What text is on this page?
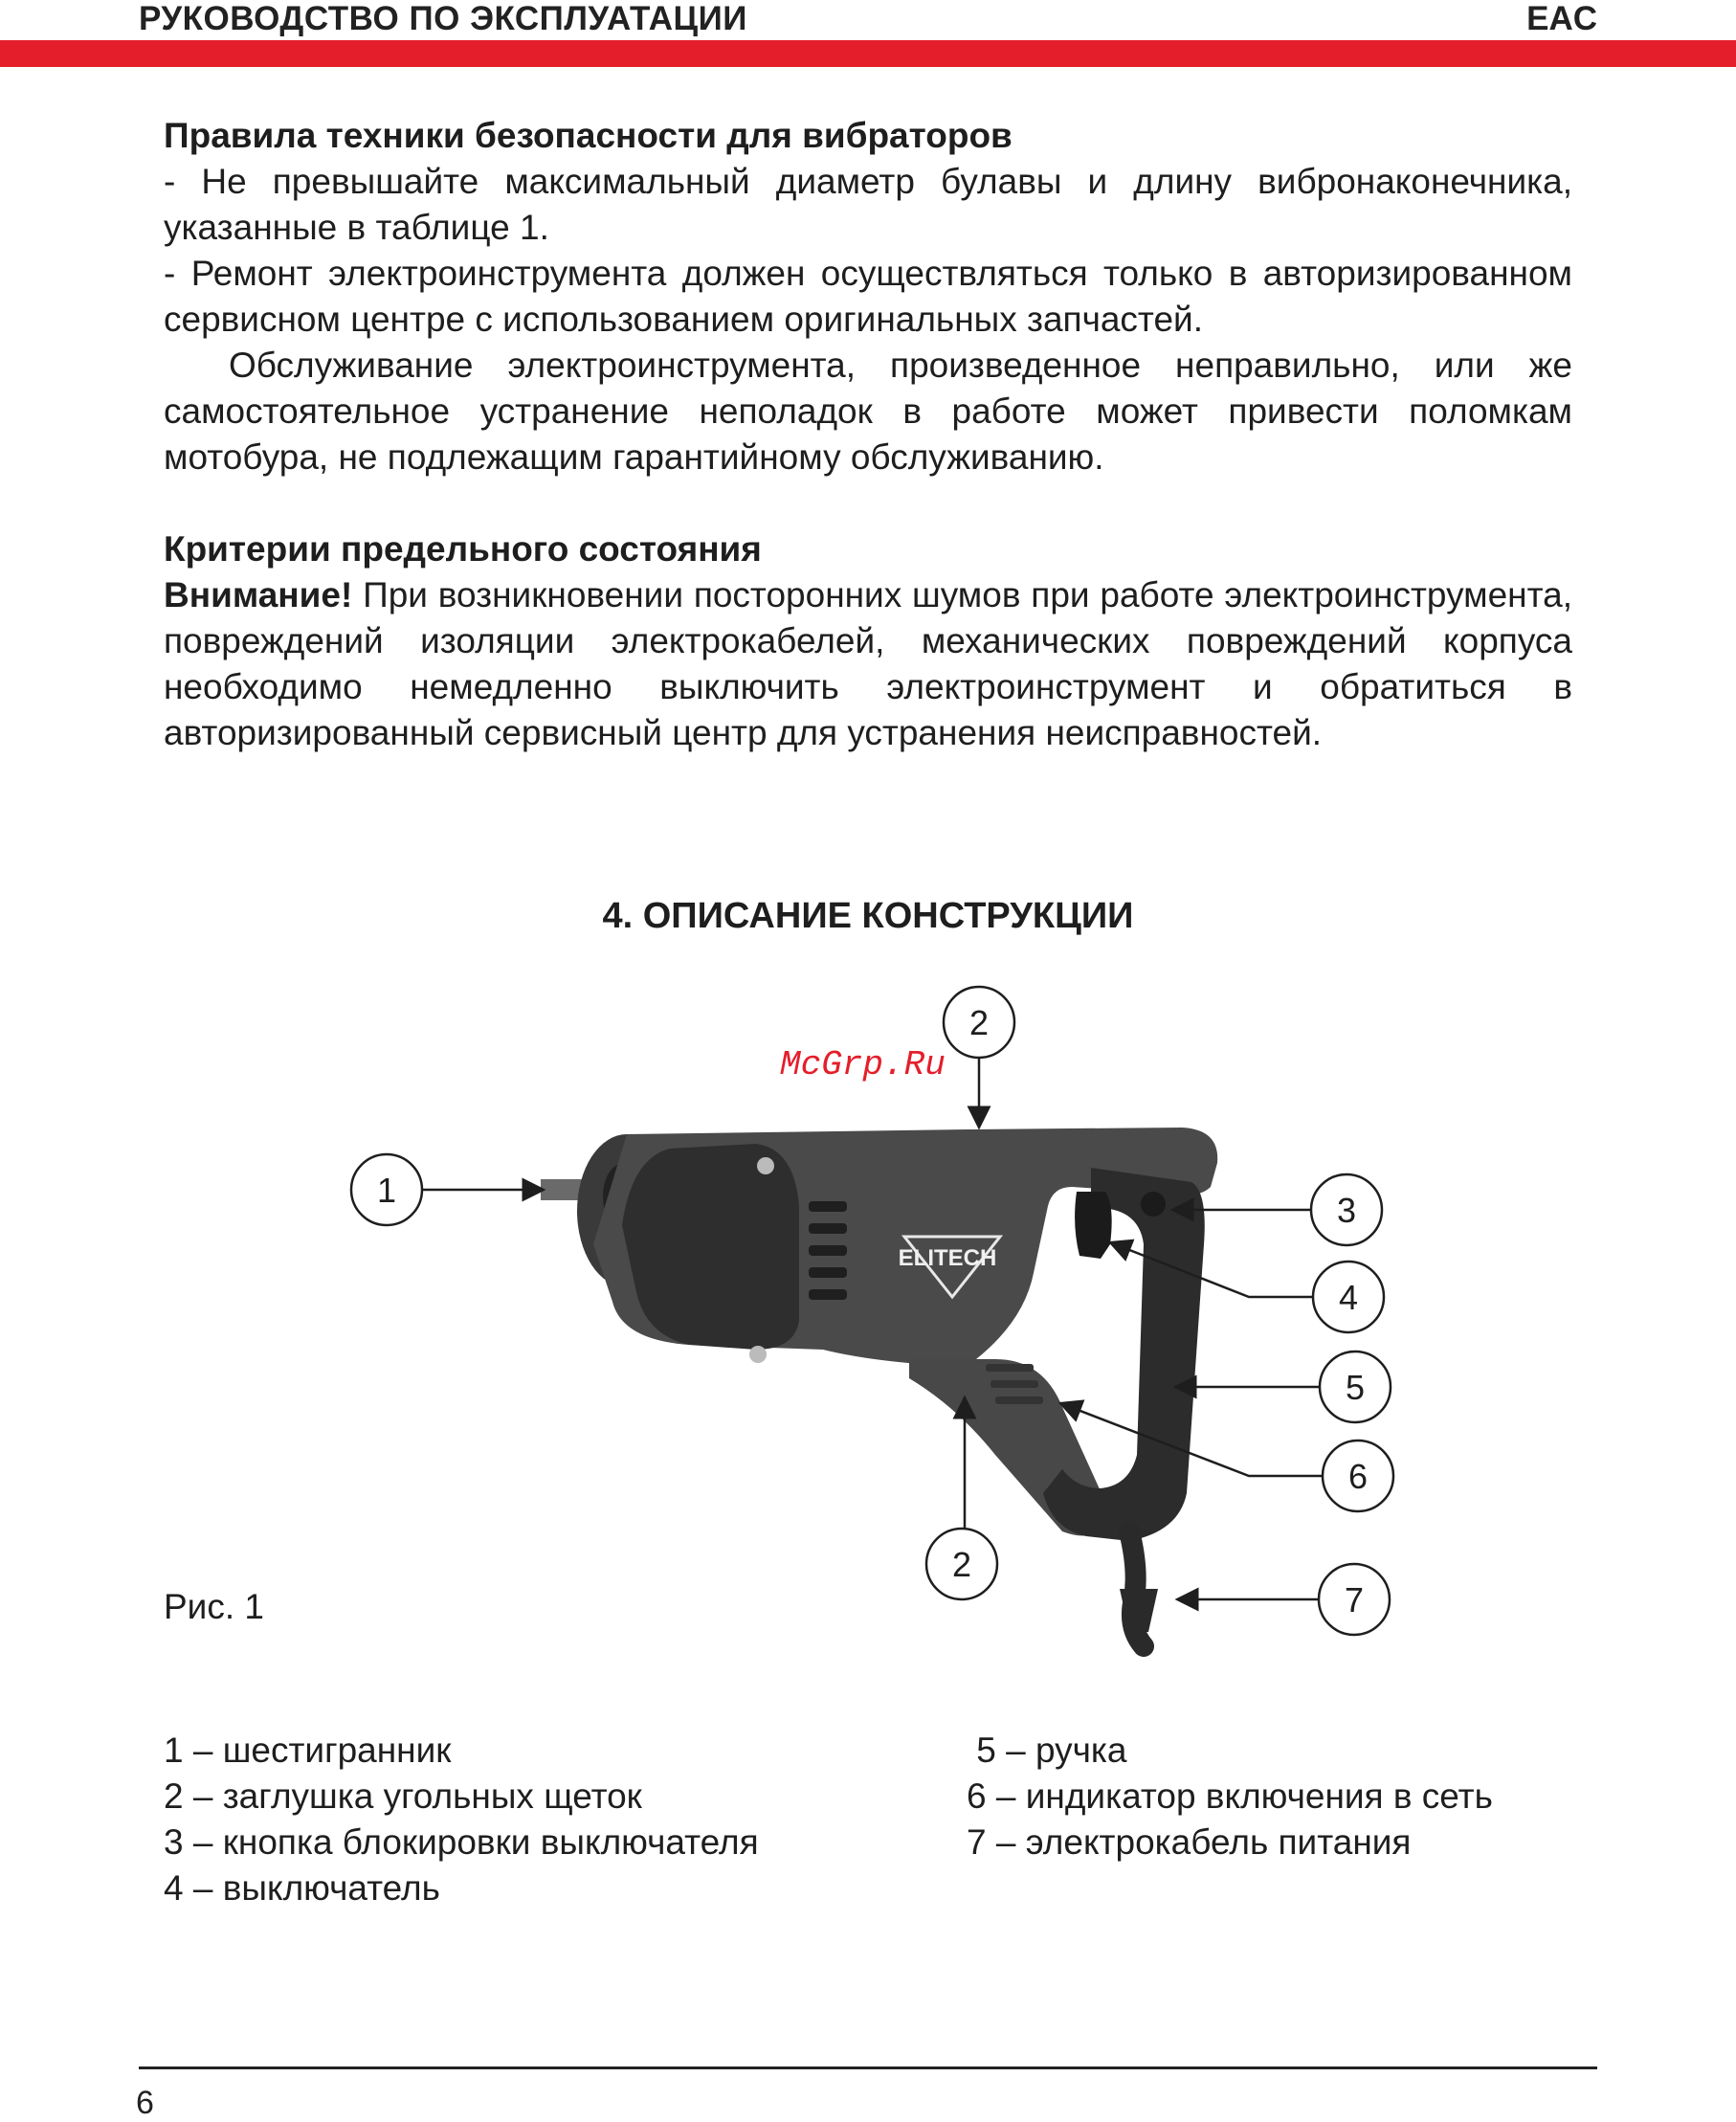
РУКОВОДСТВО ПО ЭКСПЛУАТАЦИИ	EAC

Правила техники безопасности для вибраторов

- Не превышайте максимальный диаметр булавы и длину вибронаконечника, указанные в таблице 1.

- Ремонт электроинструмента должен осуществляться только в авторизированном сервисном центре с использованием оригинальных запчастей.

Обслуживание электроинструмента, произведенное неправильно, или же самостоятельное устранение неполадок в работе может привести поломкам мотобура, не подлежащим гарантийному обслуживанию.

Критерии предельного состояния

Внимание! При возникновении посторонних шумов при работе электроинструмента, повреждений изоляции электрокабелей, механических повреждений корпуса необходимо немедленно выключить электроинструмент и обратиться в авторизированный сервисный центр для устранения неисправностей.

4. ОПИСАНИЕ КОНСТРУКЦИИ
ELITECH
McGrp.Ru
1
2
3
4
5
6
2
7
Рис. 1
1 – шестигранник
2 – заглушка угольных щеток
3 – кнопка блокировки выключателя
4 – выключатель
5 – ручка
6 – индикатор включения в сеть
7 – электрокабель питания
6
